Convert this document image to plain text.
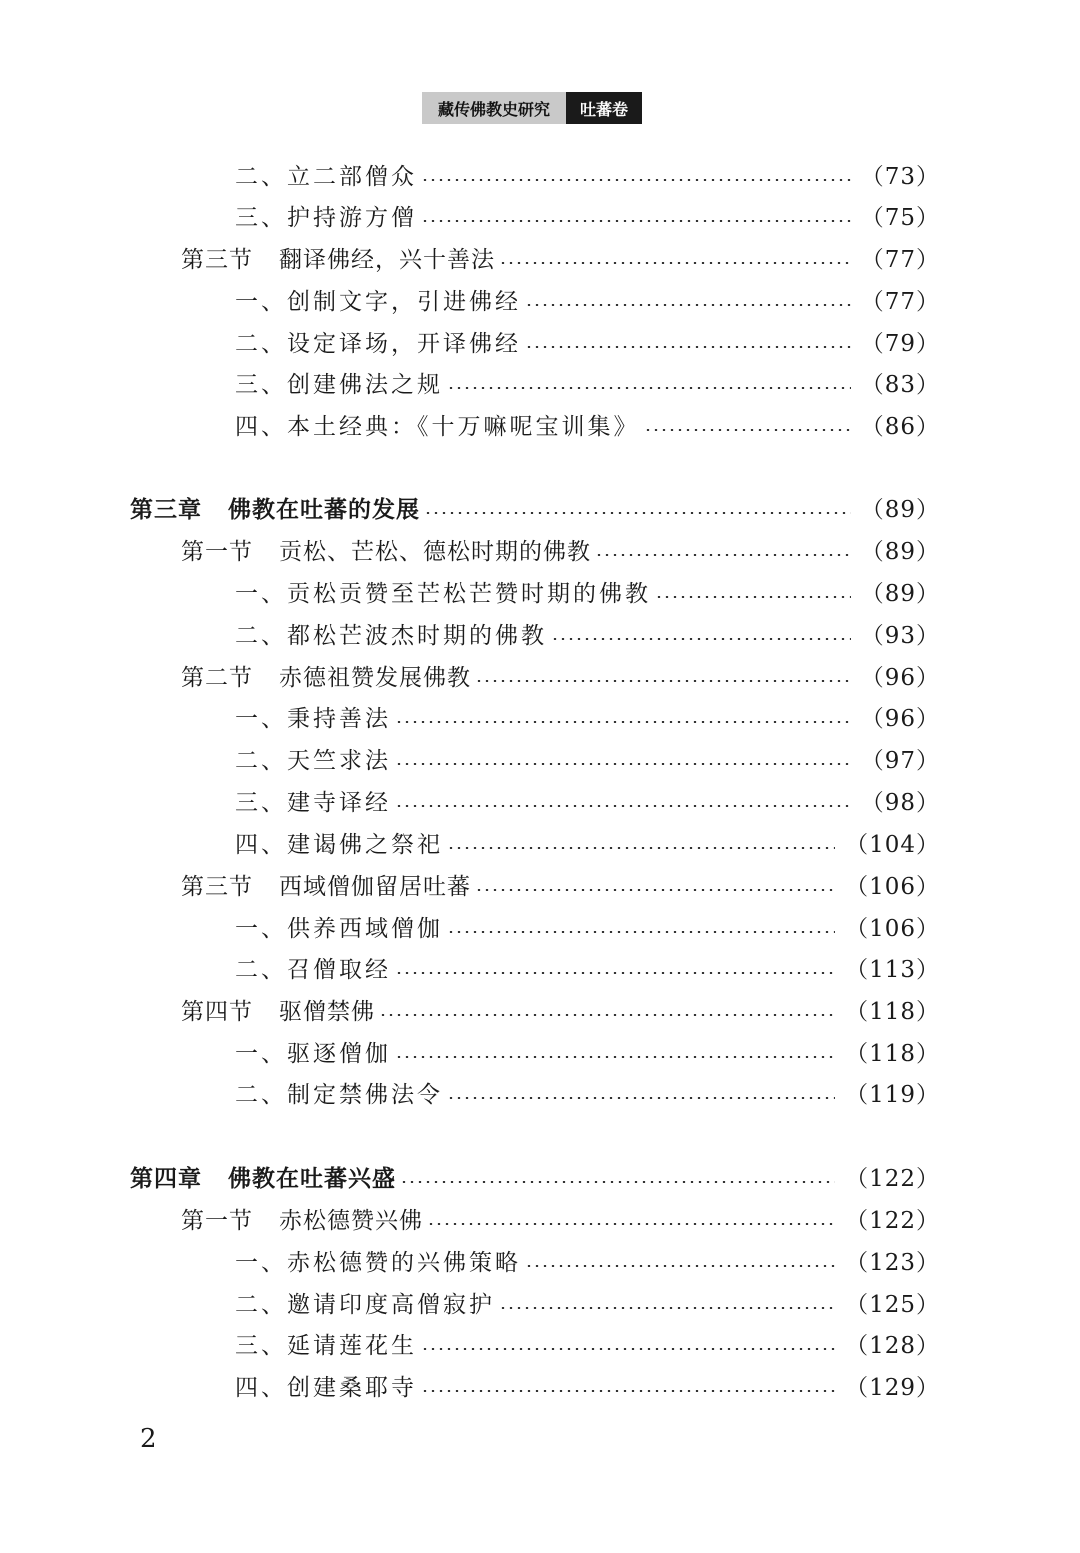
藏传佛教史研究	吐蕃卷
二、立二部僧众	（73）
三、护持游方僧	（75）
第三节 翻译佛经，兴十善法	（77）
一、创制文字，引进佛经	（77）
二、设定译场，开译佛经	（79）
三、创建佛法之规	（83）
四、本土经典：《十万嘛呢宝训集》	（86）
第三章 佛教在吐蕃的发展	（89）
第一节 贡松、芒松、德松时期的佛教	（89）
一、贡松贡赞至芒松芒赞时期的佛教	（89）
二、都松芒波杰时期的佛教	（93）
第二节 赤德祖赞发展佛教	（96）
一、秉持善法	（96）
二、天竺求法	（97）
三、建寺译经	（98）
四、建谒佛之祭祀	（104）
第三节 西域僧伽留居吐蕃	（106）
一、供养西域僧伽	（106）
二、召僧取经	（113）
第四节 驱僧禁佛	（118）
一、驱逐僧伽	（118）
二、制定禁佛法令	（119）
第四章 佛教在吐蕃兴盛	（122）
第一节 赤松德赞兴佛	（122）
一、赤松德赞的兴佛策略	（123）
二、邀请印度高僧寂护	（125）
三、延请莲花生	（128）
四、创建桑耶寺	（129）
2
